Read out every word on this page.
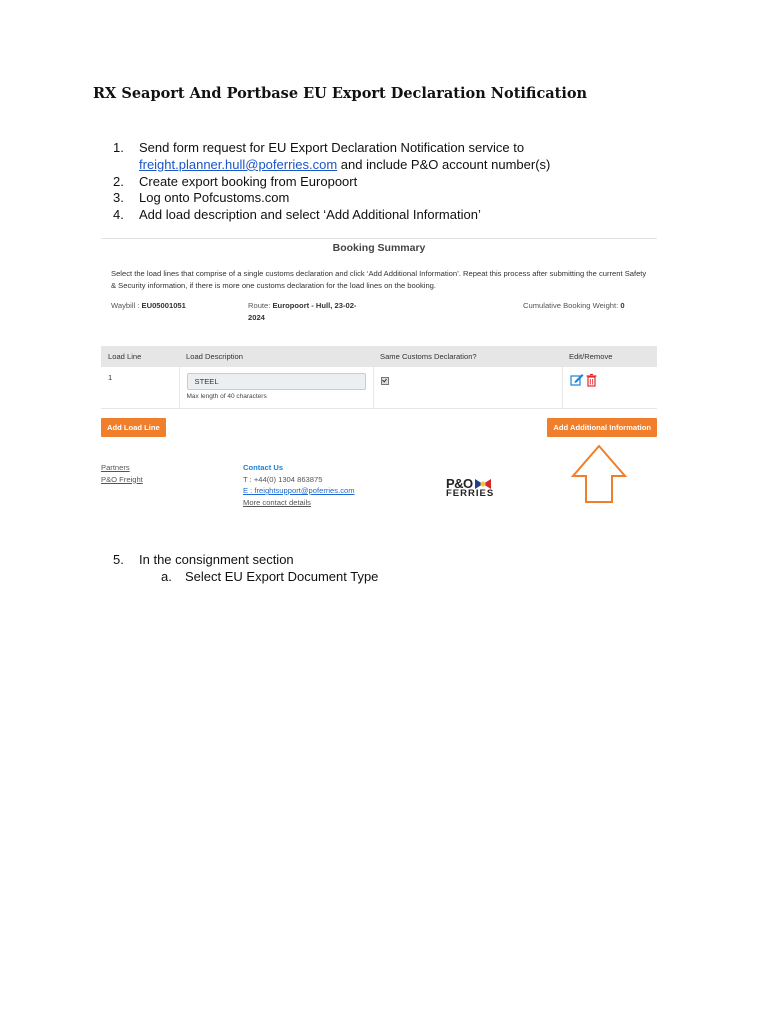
RX Seaport And Portbase EU Export Declaration Notification
1.	Send form request for EU Export Declaration Notification service to
freight.planner.hull@poferries.com and include P&O account number(s)
2.	Create export booking from Europoort
3.	Log onto Pofcustoms.com
4.	Add load description and select ‘Add Additional Information’
Booking Summary
Select the load lines that comprise of a single customs declaration and click ‘Add Additional Information’. Repeat this process after submitting the current Safety & Security information, if there is more one customs declaration for the load lines on the booking.
Waybill : EU05001051	Route: Europoort - Hull, 23-02-
2024
Cumulative Booking Weight: 0
Load Line	Load Description	Same Customs Declaration?	Edit/Remove
1	STEEL
Max length of 40 characters

Add Load Line	Add Additional Information
Partners
P&O Freight
Contact Us
T : +44(0) 1304 863875
E : freightsupport@poferries.com
More contact details
P&O
FERRIES
5.	In the consignment section
a.	Select EU Export Document Type
